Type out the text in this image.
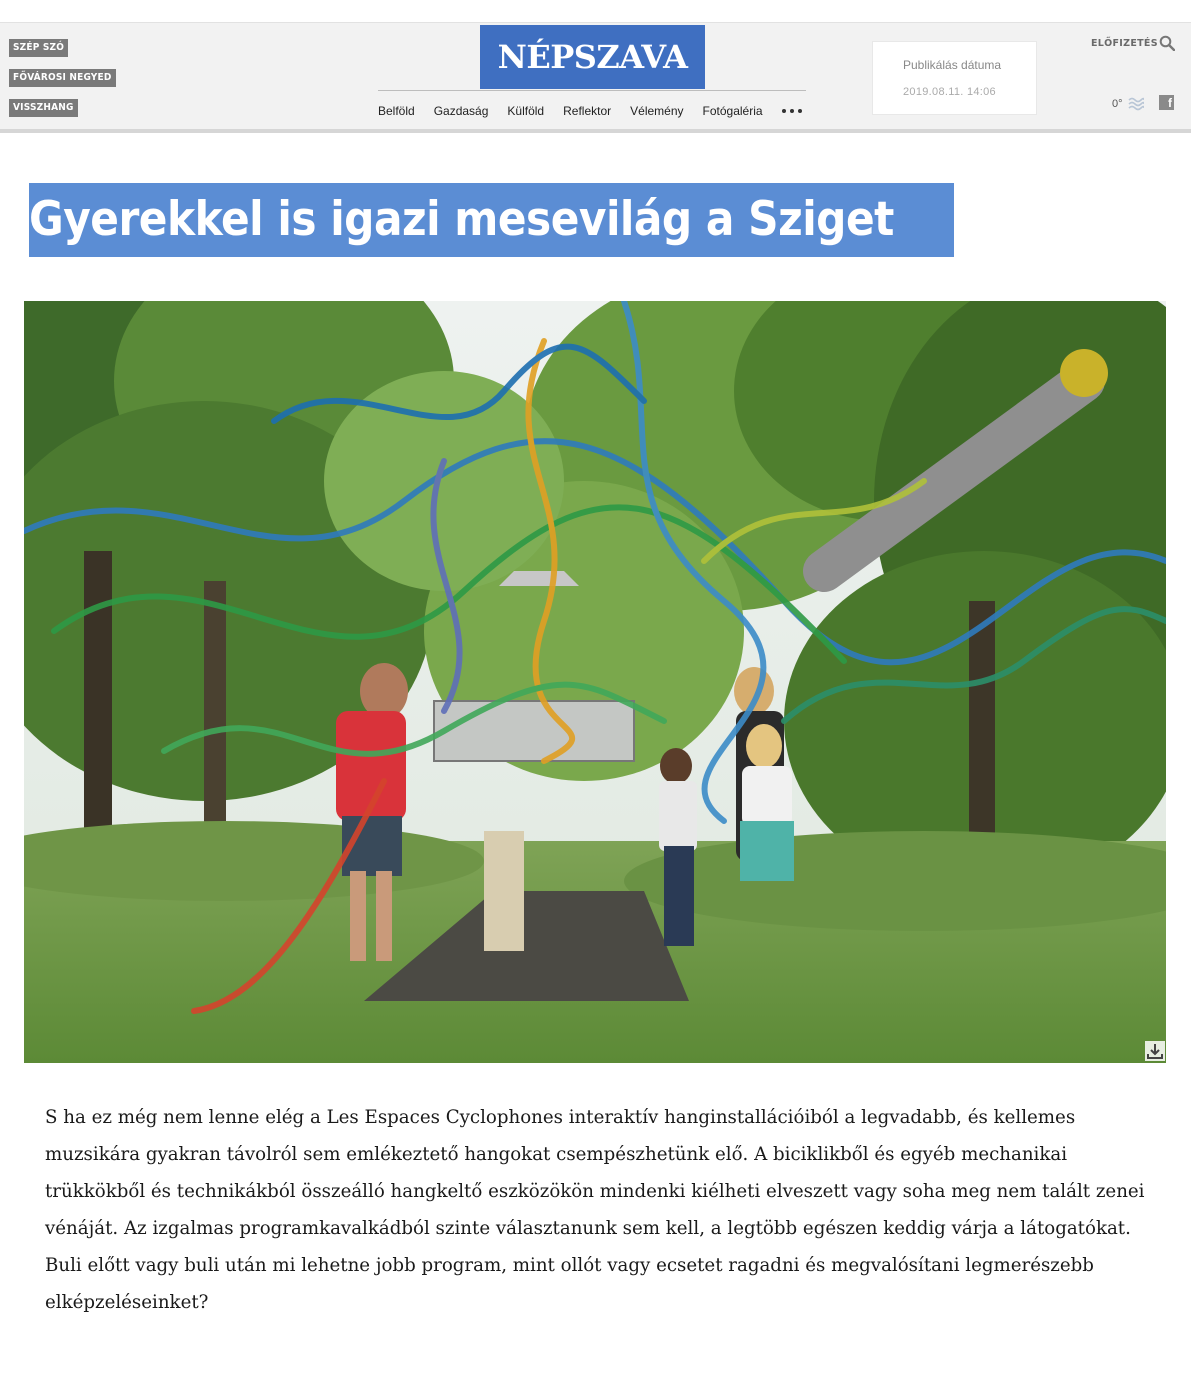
SZÉP SZÓ
FŐVÁROSI NEGYED
VISSZHANG
NÉPSZAVA
Belföld Gazdaság Külföld Reflektor Vélemény Fotógaléria
Publikálás dátuma
2019.08.11. 14:06
ELŐFIZETÉS
0°	f
Gyerekkel is igazi mesevilág a Sziget
S ha ez még nem lenne elég a Les Espaces Cyclophones interaktív hanginstallációiból a legvadabb, és kellemes muzsikára gyakran távolról sem emlékeztető hangokat csempészhetünk elő. A biciklikből és egyéb mechanikai trükkökből és technikákból összeálló hangkeltő eszközökön mindenki kiélheti elveszett vagy soha meg nem talált zenei vénáját. Az izgalmas programkavalkádból szinte választanunk sem kell, a legtöbb egészen keddig várja a látogatókat. Buli előtt vagy buli után mi lehetne jobb program, mint ollót vagy ecsetet ragadni és megvalósítani legmerészebb elképzeléseinket?
